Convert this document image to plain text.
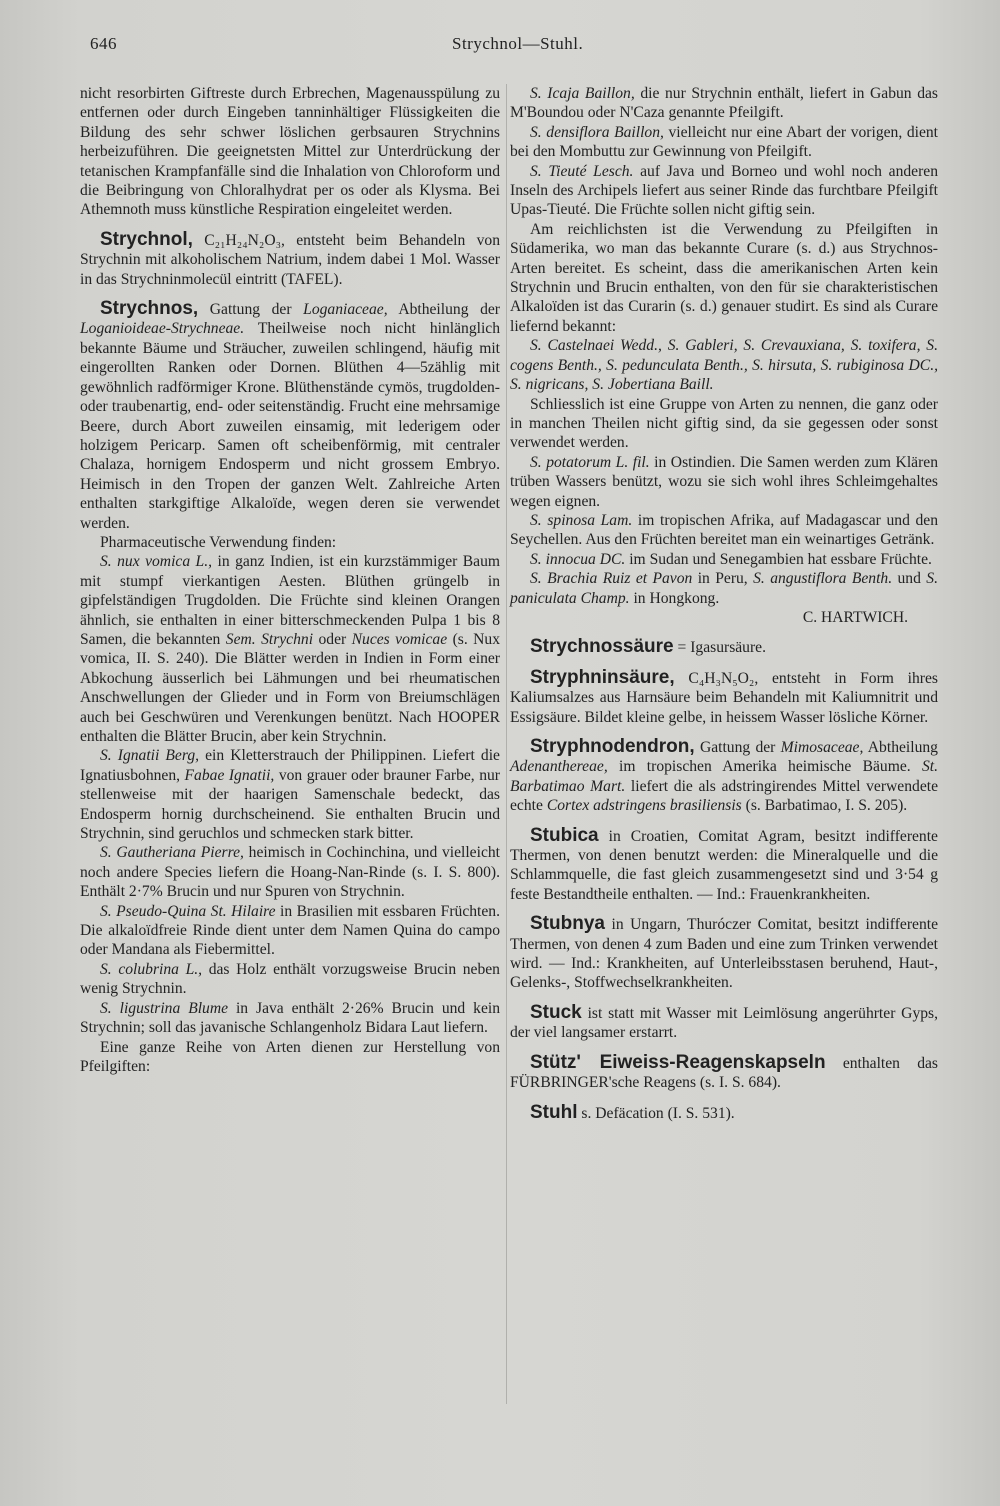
646	Strychnol—Stuhl.

nicht resorbirten Giftreste durch Erbrechen, Magenausspülung zu entfernen oder durch Eingeben tanninhältiger Flüssigkeiten die Bildung des sehr schwer löslichen gerbsauren Strychnins herbeizuführen. Die geeignetsten Mittel zur Unterdrückung der tetanischen Krampfanfälle sind die Inhalation von Chloroform und die Beibringung von Chloralhydrat per os oder als Klysma. Bei Athemnoth muss künstliche Respiration eingeleitet werden.

Strychnol, C₂₁H₂₄N₂O₃, entsteht beim Behandeln von Strychnin mit alkoholischem Natrium, indem dabei 1 Mol. Wasser in das Strychninmolecül eintritt (TAFEL).

Strychnos, Gattung der Loganiaceae, Abtheilung der Loganioideae-Strychneae. Theilweise noch nicht hinlänglich bekannte Bäume und Sträucher, zuweilen schlingend, häufig mit eingerollten Ranken oder Dornen. Blüthen 4—5zählig mit gewöhnlich radförmiger Krone. Blüthenstände cymös, trugdolden- oder traubenartig, end- oder seitenständig. Frucht eine mehrsamige Beere, durch Abort zuweilen einsamig, mit lederigem oder holzigem Pericarp. Samen oft scheibenförmig, mit centraler Chalaza, hornigem Endosperm und nicht grossem Embryo. Heimisch in den Tropen der ganzen Welt. Zahlreiche Arten enthalten starkgiftige Alkaloïde, wegen deren sie verwendet werden.

Pharmaceutische Verwendung finden:

S. nux vomica L., in ganz Indien, ist ein kurzstämmiger Baum mit stumpf vierkantigen Aesten. Blüthen grüngelb in gipfelständigen Trugdolden. Die Früchte sind kleinen Orangen ähnlich, sie enthalten in einer bitterschmeckenden Pulpa 1 bis 8 Samen, die bekannten Sem. Strychni oder Nuces vomicae (s. Nux vomica, II. S. 240). Die Blätter werden in Indien in Form einer Abkochung äusserlich bei Lähmungen und bei rheumatischen Anschwellungen der Glieder und in Form von Breiumschlägen auch bei Geschwüren und Verenkungen benützt. Nach HOOPER enthalten die Blätter Brucin, aber kein Strychnin.

S. Ignatii Berg, ein Kletterstrauch der Philippinen. Liefert die Ignatiusbohnen, Fabae Ignatii, von grauer oder brauner Farbe, nur stellenweise mit der haarigen Samenschale bedeckt, das Endosperm hornig durchscheinend. Sie enthalten Brucin und Strychnin, sind geruchlos und schmecken stark bitter.

S. Gautheriana Pierre, heimisch in Cochinchina, und vielleicht noch andere Species liefern die Hoang-Nan-Rinde (s. I. S. 800). Enthält 2·7% Brucin und nur Spuren von Strychnin.

S. Pseudo-Quina St. Hilaire in Brasilien mit essbaren Früchten. Die alkaloïdfreie Rinde dient unter dem Namen Quina do campo oder Mandana als Fiebermittel.

S. colubrina L., das Holz enthält vorzugsweise Brucin neben wenig Strychnin.

S. ligustrina Blume in Java enthält 2·26% Brucin und kein Strychnin; soll das javanische Schlangenholz Bidara Laut liefern.

Eine ganze Reihe von Arten dienen zur Herstellung von Pfeilgiften:

S. Icaja Baillon, die nur Strychnin enthält, liefert in Gabun das M'Boundou oder N'Caza genannte Pfeilgift.

S. densiflora Baillon, vielleicht nur eine Abart der vorigen, dient bei den Mombuttu zur Gewinnung von Pfeilgift.

S. Tieuté Lesch. auf Java und Borneo und wohl noch anderen Inseln des Archipels liefert aus seiner Rinde das furchtbare Pfeilgift Upas-Tieuté. Die Früchte sollen nicht giftig sein.

Am reichlichsten ist die Verwendung zu Pfeilgiften in Südamerika, wo man das bekannte Curare (s. d.) aus Strychnos-Arten bereitet. Es scheint, dass die amerikanischen Arten kein Strychnin und Brucin enthalten, von den für sie charakteristischen Alkaloïden ist das Curarin (s. d.) genauer studirt. Es sind als Curare liefernd bekannt:

S. Castelnaei Wedd., S. Gableri, S. Crevauxiana, S. toxifera, S. cogens Benth., S. pedunculata Benth., S. hirsuta, S. rubiginosa DC., S. nigricans, S. Jobertiana Baill.

Schliesslich ist eine Gruppe von Arten zu nennen, die ganz oder in manchen Theilen nicht giftig sind, da sie gegessen oder sonst verwendet werden.

S. potatorum L. fil. in Ostindien. Die Samen werden zum Klären trüben Wassers benützt, wozu sie sich wohl ihres Schleimgehaltes wegen eignen.

S. spinosa Lam. im tropischen Afrika, auf Madagascar und den Seychellen. Aus den Früchten bereitet man ein weinartiges Getränk.

S. innocua DC. im Sudan und Senegambien hat essbare Früchte.

S. Brachia Ruiz et Pavon in Peru, S. angustiflora Benth. und S. paniculata Champ. in Hongkong.

C. HARTWICH.

Strychnossäure = Igasursäure.

Stryphninsäure, C₄H₃N₅O₂, entsteht in Form ihres Kaliumsalzes aus Harnsäure beim Behandeln mit Kaliumnitrit und Essigsäure. Bildet kleine gelbe, in heissem Wasser lösliche Körner.

Stryphnodendron, Gattung der Mimosaceae, Abtheilung Adenanthereae, im tropischen Amerika heimische Bäume. St. Barbatimao Mart. liefert die als adstringirendes Mittel verwendete echte Cortex adstringens brasiliensis (s. Barbatimao, I. S. 205).

Stubica in Croatien, Comitat Agram, besitzt indifferente Thermen, von denen benutzt werden: die Mineralquelle und die Schlammquelle, die fast gleich zusammengesetzt sind und 3·54 g feste Bestandtheile enthalten. — Ind.: Frauenkrankheiten.

Stubnya in Ungarn, Thuróczer Comitat, besitzt indifferente Thermen, von denen 4 zum Baden und eine zum Trinken verwendet wird. — Ind.: Krankheiten, auf Unterleibsstasen beruhend, Haut-, Gelenks-, Stoffwechselkrankheiten.

Stuck ist statt mit Wasser mit Leimlösung angerührter Gyps, der viel langsamer erstarrt.

Stütz' Eiweiss-Reagenskapseln enthalten das FÜRBRINGER'sche Reagens (s. I. S. 684).

Stuhl s. Defäcation (I. S. 531).
